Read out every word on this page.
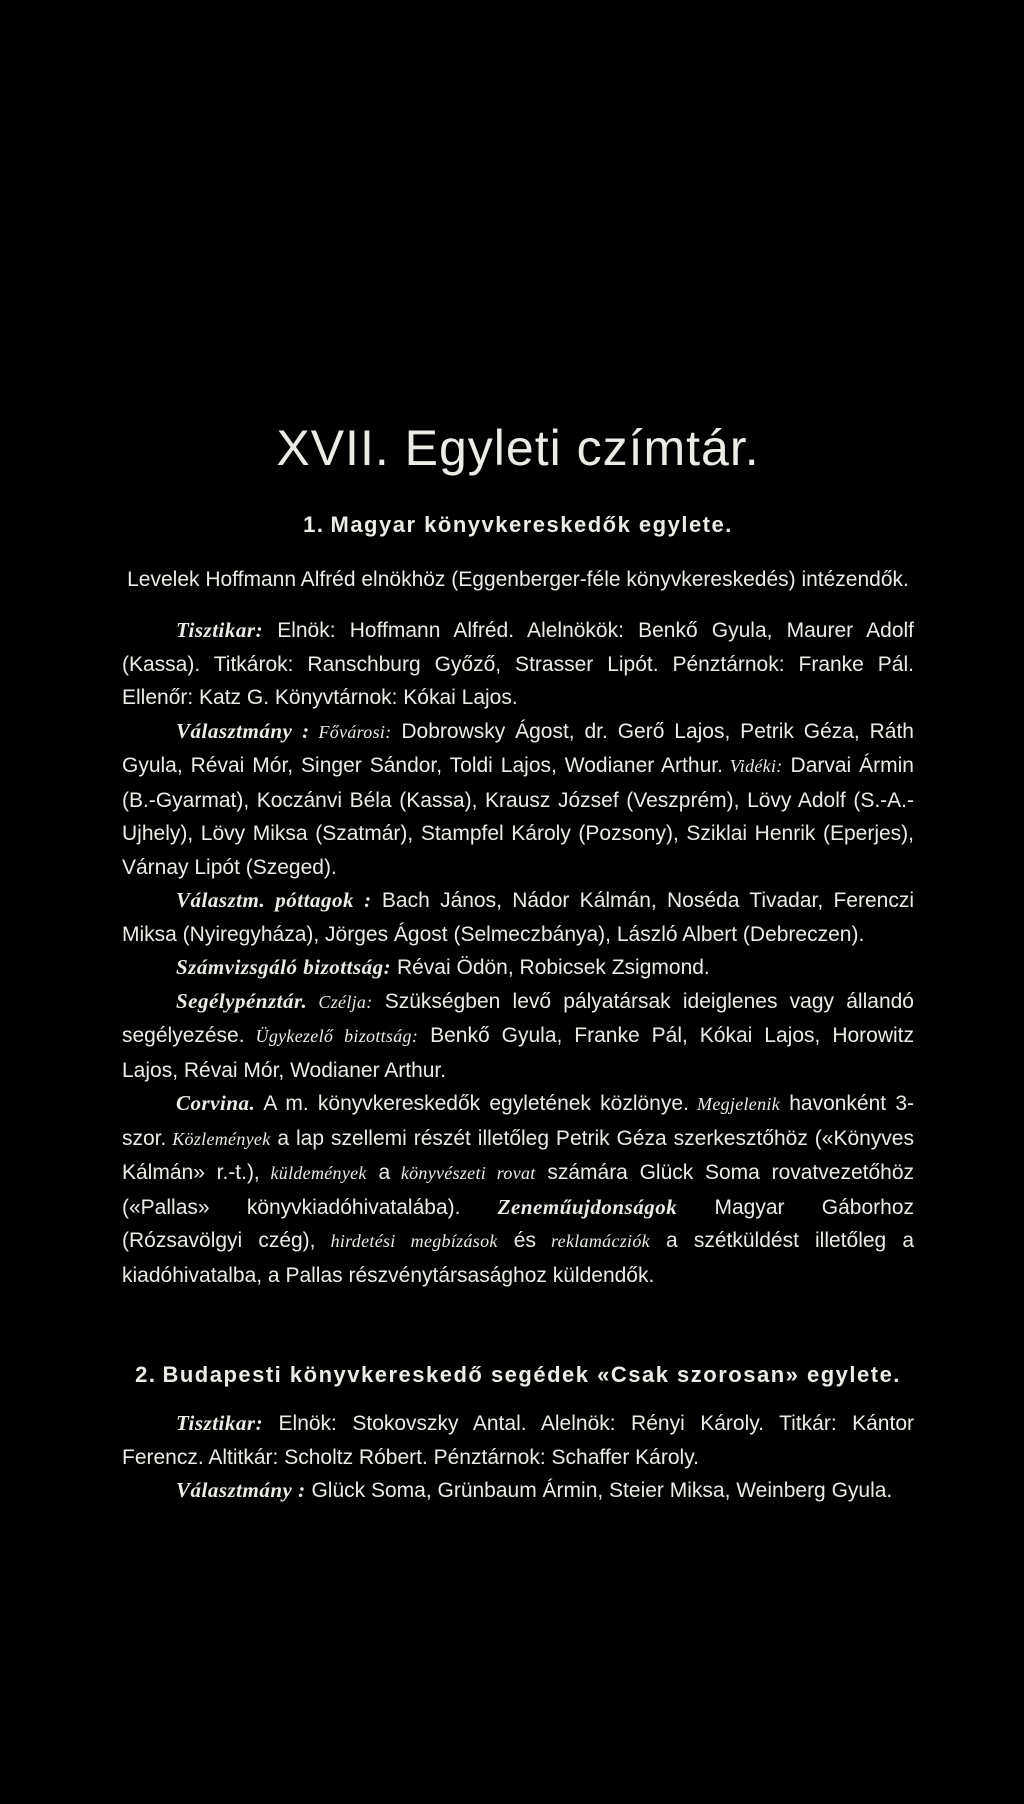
XVII. Egyleti czímtár.
1. Magyar könyvkereskedők egylete.
Levelek Hoffmann Alfréd elnökhöz (Eggenberger-féle könyvkereskedés) intézendők.

Tisztikar: Elnök: Hoffmann Alfréd. Alelnökök: Benkő Gyula, Maurer Adolf (Kassa). Titkárok: Ranschburg Győző, Strasser Lipót. Pénztárnok: Franke Pál. Ellenőr: Katz G. Könyvtárnok: Kókai Lajos.

Választmány : Fővárosi: Dobrowsky Ágost, dr. Gerő Lajos, Petrik Géza, Ráth Gyula, Révai Mór, Singer Sándor, Toldi Lajos, Wodianer Arthur. Vidéki: Darvai Ármin (B.-Gyarmat), Koczánvi Béla (Kassa), Krausz József (Veszprém), Lövy Adolf (S.-A.-Ujhely), Lövy Miksa (Szatmár), Stampfel Károly (Pozsony), Sziklai Henrik (Eperjes), Várnay Lipót (Szeged).

Választm. póttagok : Bach János, Nádor Kálmán, Noséda Tivadar, Ferenczi Miksa (Nyiregyháza), Jörges Ágost (Selmeczbánya), László Albert (Debreczen).

Számvizsgáló bizottság: Révai Ödön, Robicsek Zsigmond.

Segélypénztár. Czélja: Szükségben levő pályatársak ideiglenes vagy állandó segélyezése. Ügykezelő bizottság: Benkő Gyula, Franke Pál, Kókai Lajos, Horowitz Lajos, Révai Mór, Wodianer Arthur.

Corvina. A m. könyvkereskedők egyletének közlönye. Megjelenik havonként 3-szor. Közlemények a lap szellemi részét illetőleg Petrik Géza szerkesztőhöz («Könyves Kálmán» r.-t.), küldemények a könyvészeti rovat számára Glück Soma rovatvezetőhöz («Pallas» könyvkiadóhivatalába). Zeneműujdonságok Magyar Gáborhoz (Rózsavölgyi czég), hirdetési megbízások és reklamácziók a szétküldést illetőleg a kiadóhivatalba, a Pallas részvénytársasághoz küldendők.

2. Budapesti könyvkereskedő segédek «Csak szorosan» egylete.

Tisztikar: Elnök: Stokovszky Antal. Alelnök: Rényi Károly. Titkár: Kántor Ferencz. Altitkár: Scholtz Róbert. Pénztárnok: Schaffer Károly.

Választmány : Glück Soma, Grünbaum Ármin, Steier Miksa, Weinberg Gyula.
